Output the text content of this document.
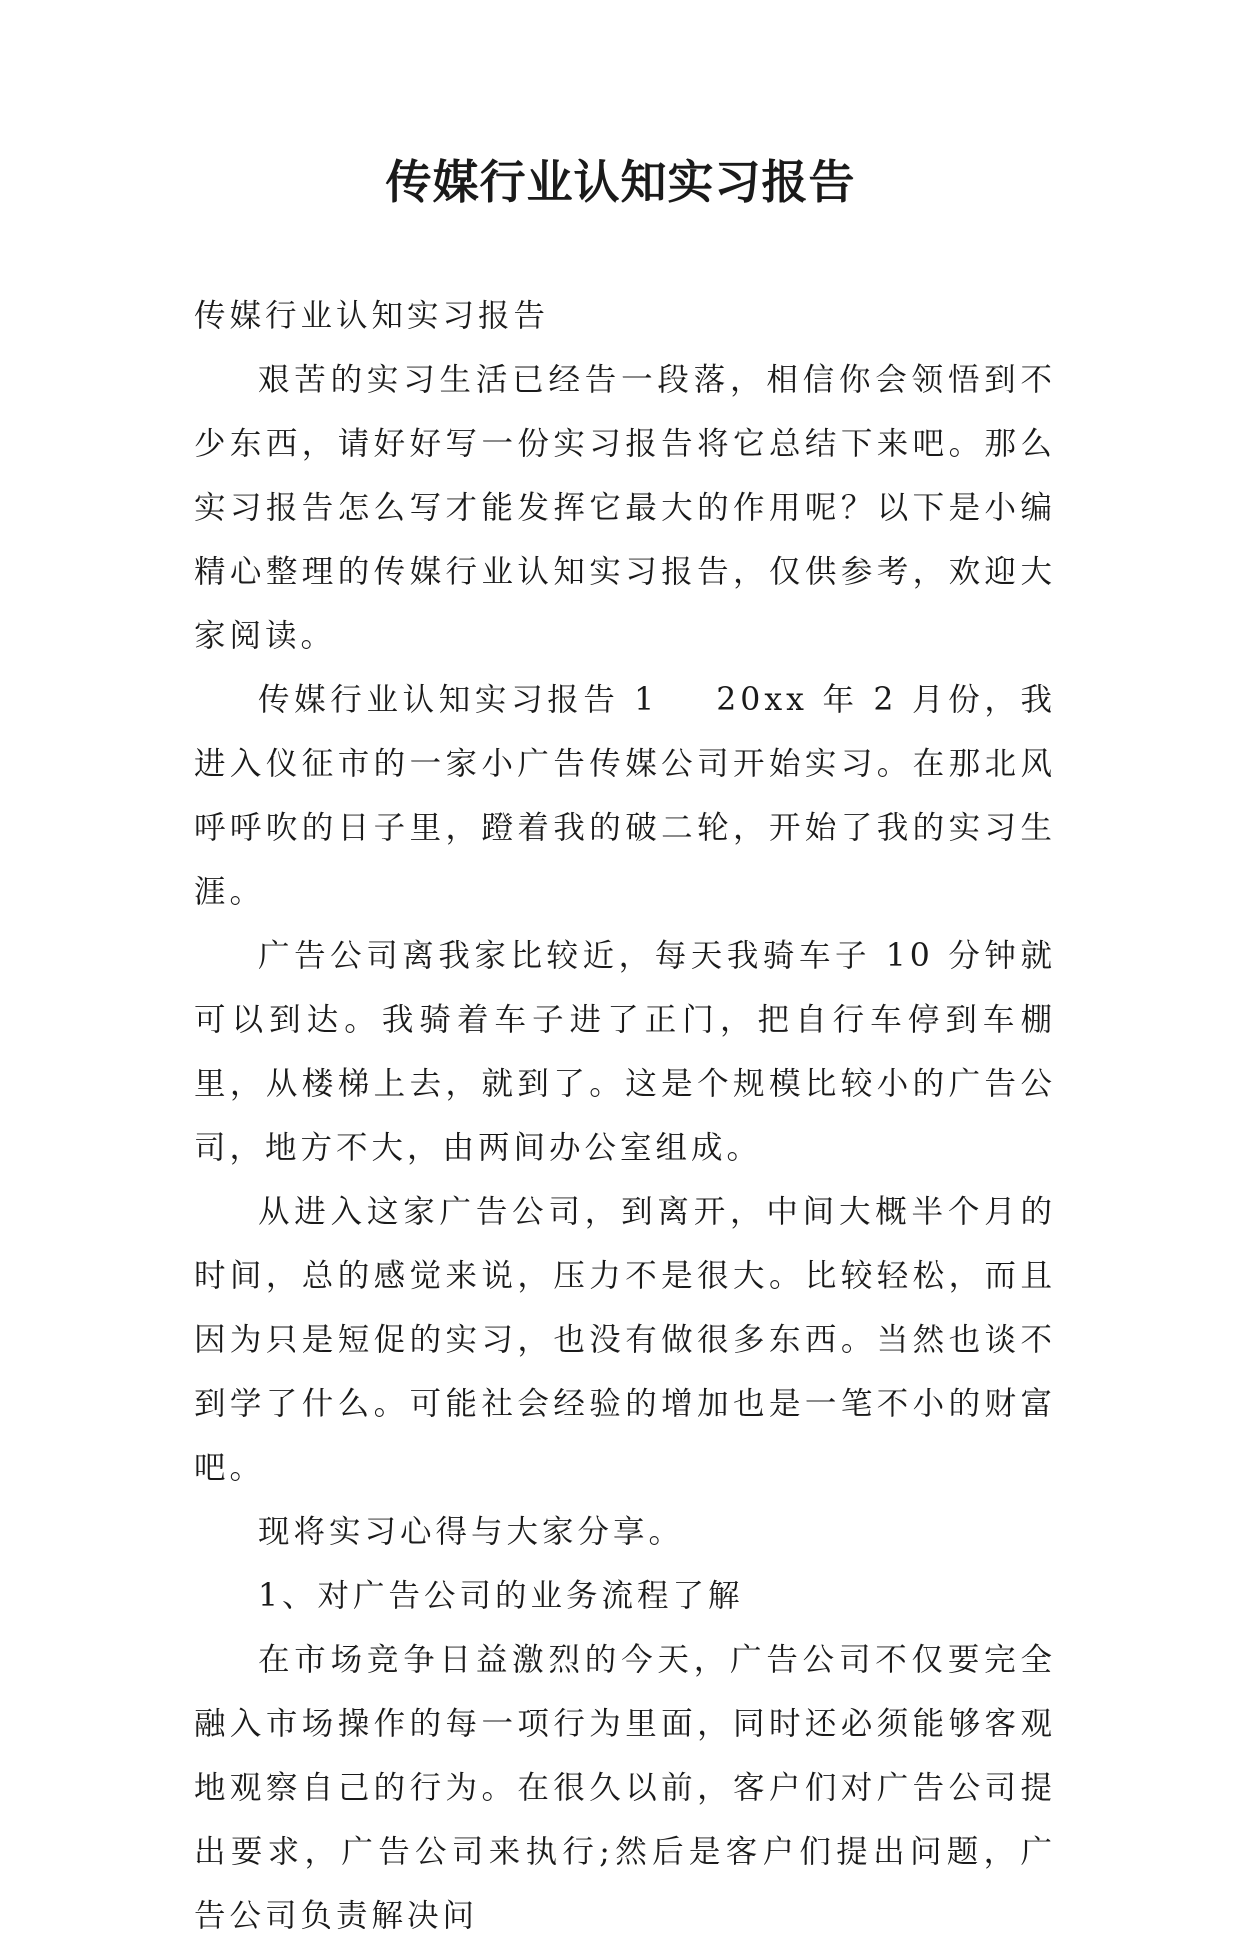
传媒行业认知实习报告

传媒行业认知实习报告

艰苦的实习生活已经告一段落，相信你会领悟到不少东西，请好好写一份实习报告将它总结下来吧。那么实习报告怎么写才能发挥它最大的作用呢？以下是小编精心整理的传媒行业认知实习报告，仅供参考，欢迎大家阅读。

传媒行业认知实习报告 1 20xx 年 2 月份，我进入仪征市的一家小广告传媒公司开始实习。在那北风呼呼吹的日子里，蹬着我的破二轮，开始了我的实习生涯。

广告公司离我家比较近，每天我骑车子 10 分钟就可以到达。我骑着车子进了正门，把自行车停到车棚里，从楼梯上去，就到了。这是个规模比较小的广告公司，地方不大，由两间办公室组成。

从进入这家广告公司，到离开，中间大概半个月的时间，总的感觉来说，压力不是很大。比较轻松，而且因为只是短促的实习，也没有做很多东西。当然也谈不到学了什么。可能社会经验的增加也是一笔不小的财富吧。

现将实习心得与大家分享。

1、对广告公司的业务流程了解

在市场竞争日益激烈的今天，广告公司不仅要完全融入市场操作的每一项行为里面，同时还必须能够客观地观察自己的行为。在很久以前，客户们对广告公司提出要求，广告公司来执行;然后是客户们提出问题，广告公司负责解决问
